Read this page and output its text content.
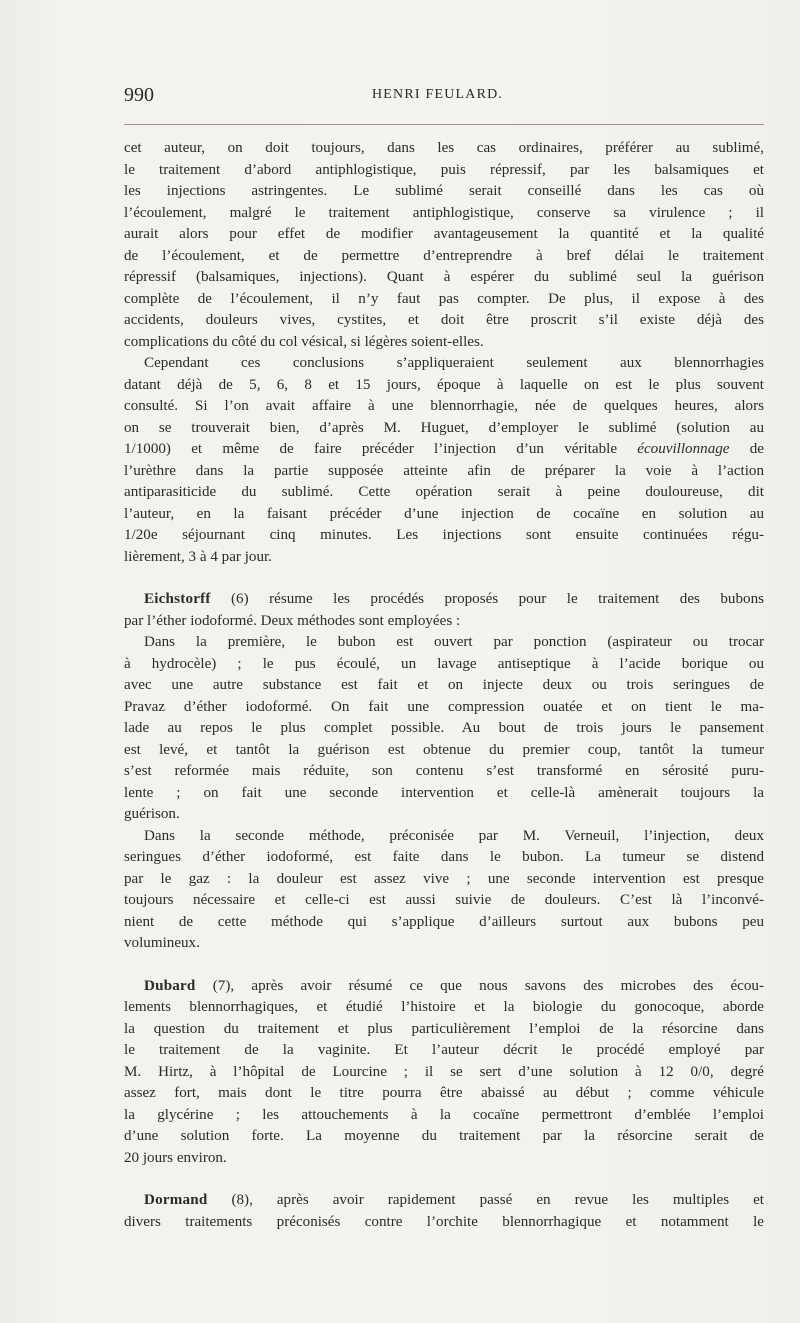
990	HENRI FEULARD.
cet auteur, on doit toujours, dans les cas ordinaires, préférer au sublimé,
le traitement d’abord antiphlogistique, puis répressif, par les balsamiques et
les injections astringentes. Le sublimé serait conseillé dans les cas où
l’écoulement, malgré le traitement antiphlogistique, conserve sa virulence ; il
aurait alors pour effet de modifier avantageusement la quantité et la qualité
de l’écoulement, et de permettre d’entreprendre à bref délai le traitement
répressif (balsamiques, injections). Quant à espérer du sublimé seul la guérison
complète de l’écoulement, il n’y faut pas compter. De plus, il expose à des
accidents, douleurs vives, cystites, et doit être proscrit s’il existe déjà des
complications du côté du col vésical, si légères soient-elles.
Cependant ces conclusions s’appliqueraient seulement aux blennorrhagies
datant déjà de 5, 6, 8 et 15 jours, époque à laquelle on est le plus souvent
consulté. Si l’on avait affaire à une blennorrhagie, née de quelques heures, alors
on se trouverait bien, d’après M. Huguet, d’employer le sublimé (solution au
1/1000) et même de faire précéder l’injection d’un véritable écouvillonnage de
l’urèthre dans la partie supposée atteinte afin de préparer la voie à l’action
antiparasiticide du sublimé. Cette opération serait à peine douloureuse, dit
l’auteur, en la faisant précéder d’une injection de cocaïne en solution au
1/20e séjournant cinq minutes. Les injections sont ensuite continuées régu-
lièrement, 3 à 4 par jour.
Eichstorff (6) résume les procédés proposés pour le traitement des bubons
par l’éther iodoformé. Deux méthodes sont employées :
Dans la première, le bubon est ouvert par ponction (aspirateur ou trocar
à hydrocèle) ; le pus écoulé, un lavage antiseptique à l’acide borique ou
avec une autre substance est fait et on injecte deux ou trois seringues de
Pravaz d’éther iodoformé. On fait une compression ouatée et on tient le ma-
lade au repos le plus complet possible. Au bout de trois jours le pansement
est levé, et tantôt la guérison est obtenue du premier coup, tantôt la tumeur
s’est reformée mais réduite, son contenu s’est transformé en sérosité puru-
lente ; on fait une seconde intervention et celle-là amènerait toujours la
guérison.
Dans la seconde méthode, préconisée par M. Verneuil, l’injection, deux
seringues d’éther iodoformé, est faite dans le bubon. La tumeur se distend
par le gaz : la douleur est assez vive ; une seconde intervention est presque
toujours nécessaire et celle-ci est aussi suivie de douleurs. C’est là l’inconvé-
nient de cette méthode qui s’applique d’ailleurs surtout aux bubons peu
volumineux.
Dubard (7), après avoir résumé ce que nous savons des microbes des écou-
lements blennorrhagiques, et étudié l’histoire et la biologie du gonocoque, aborde
la question du traitement et plus particulièrement l’emploi de la résorcine dans
le traitement de la vaginite. Et l’auteur décrit le procédé employé par
M. Hirtz, à l’hôpital de Lourcine ; il se sert d’une solution à 12 0/0, degré
assez fort, mais dont le titre pourra être abaissé au début ; comme véhicule
la glycérine ; les attouchements à la cocaïne permettront d’emblée l’emploi
d’une solution forte. La moyenne du traitement par la résorcine serait de
20 jours environ.
Dormand (8), après avoir rapidement passé en revue les multiples et
divers traitements préconisés contre l’orchite blennorrhagique et notamment le
